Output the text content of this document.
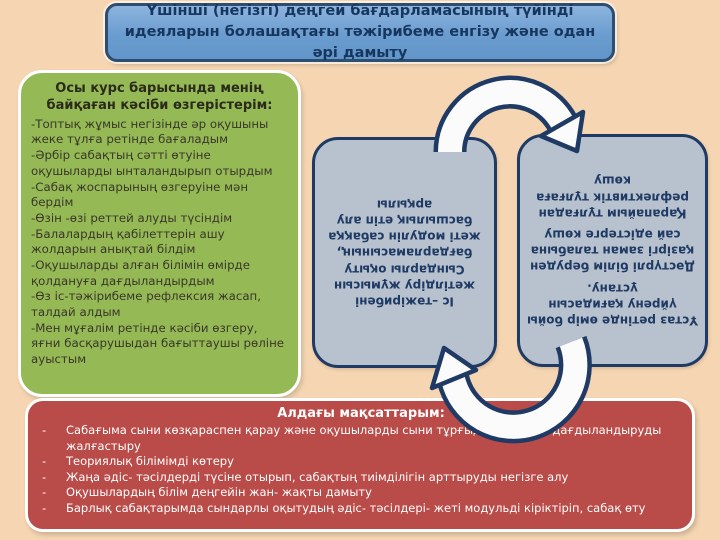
Үшінші (негізгі) деңгей бағдарламасының түйінді идеяларын болашақтағы тәжірибеме енгізу және одан әрі дамыту
Осы курс барысында менің байқаған кәсіби өзгерістерім:
-Топтық жұмыс негізінде әр оқушыны жеке тұлға ретінде бағаладым
-Әрбір сабақтың сәтті өтуіне оқушыларды ынталандырып отырдым
-Сабақ жоспарының өзгеруіне мән бердім
-Өзін -өзі реттей алуды түсіндім
-Балалардың қабілеттерін ашу жолдарын анықтай білдім
-Оқушыларды алған білімін өмірде қолдануға дағдыландырдым
-Өз іс-тәжірибеме рефлексия жасап, талдай алдым
-Мен мұғалім ретінде кәсіби өзгеру, яғни басқарушыдан бағыттаушы рөліне ауыстым
Іс –тәжірибені жетілдіру жұмысын Сындарлы оқыту бағдарламасының, жеті модулін сабаққа басшылық етіп алу арқылы

Ұстаз ретінде өмір бойы үйрену қағидасын ұстану.

Дәстүрлі білім беруден қазіргі заман талабына сай әдістерге көшу

Қарапайым тұлғадан рефлективтік тұлғаға көшу

Алдағы мақсаттарым:
-	Сабағыма сыни көзқараспен қарау және оқушыларды сыни тұрғыдан ойлауға дағдыландыруды жалғастыру
-	Теориялық білімімді көтеру
-	Жаңа әдіс- тәсілдерді түсіне отырып, сабақтың тиімділігін арттыруды негізге алу
-	Оқушылардың білім деңгейін жан- жақты дамыту
-	Барлық сабақтарымда сындарлы оқытудың әдіс- тәсілдері- жеті модульді кіріктіріп, сабақ өту
